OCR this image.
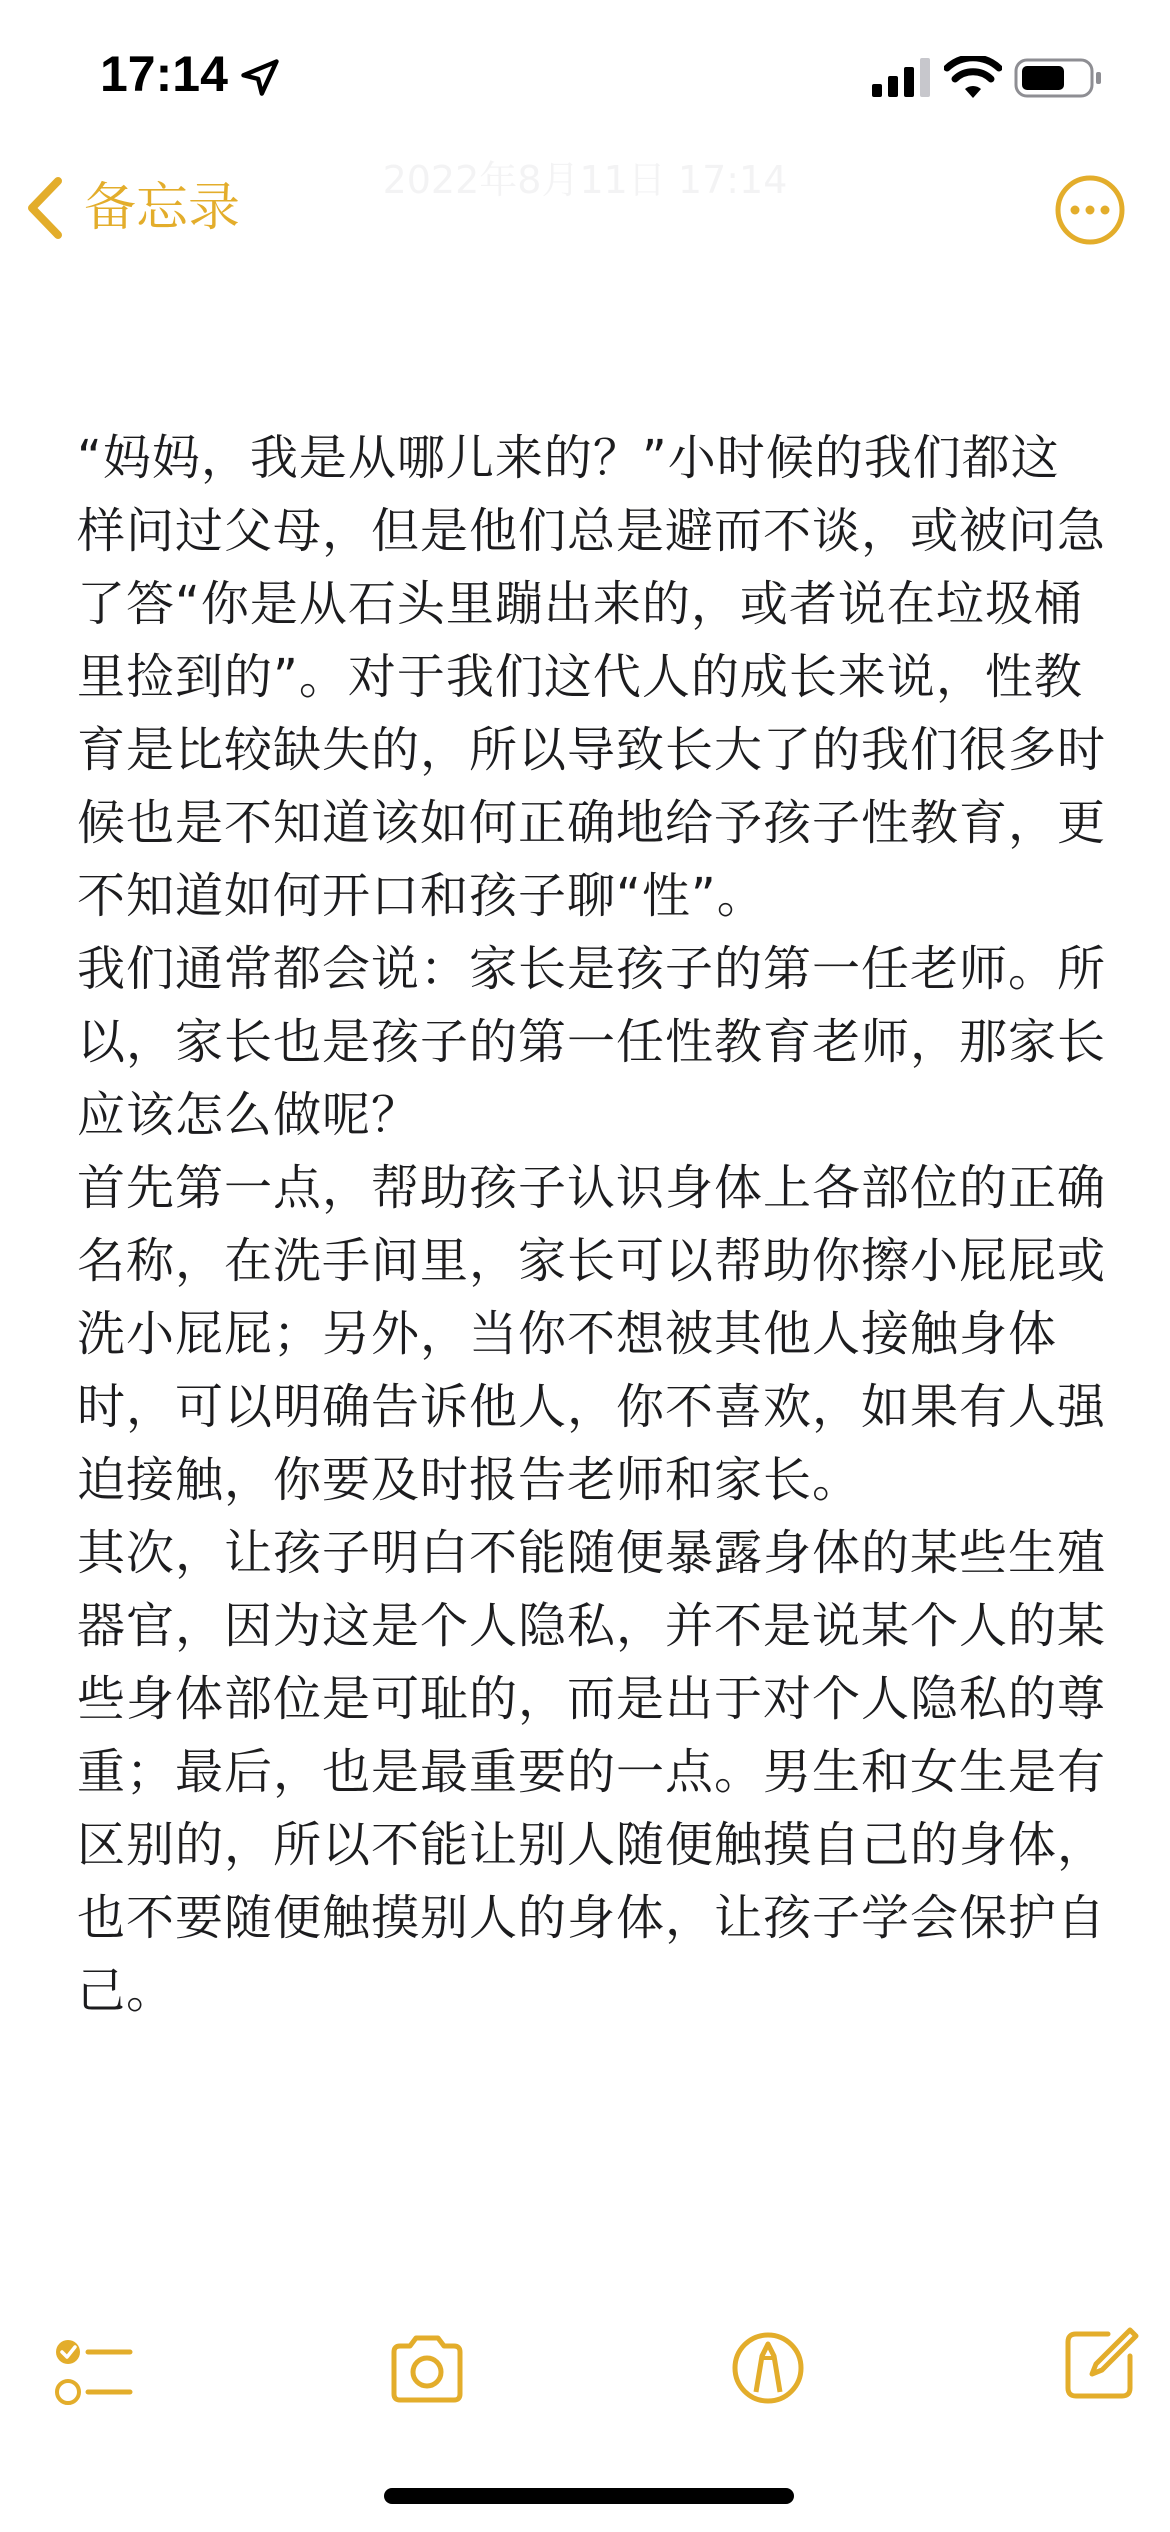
17:14
2022年8月11日 17:14
备忘录

“妈妈，我是从哪儿来的？”小时候的我们都这样问过父母，但是他们总是避而不谈，或被问急了答“你是从石头里蹦出来的，或者说在垃圾桶里捡到的”。对于我们这代人的成长来说，性教育是比较缺失的，所以导致长大了的我们很多时候也是不知道该如何正确地给予孩子性教育，更不知道如何开口和孩子聊“性”。

我们通常都会说：家长是孩子的第一任老师。所以，家长也是孩子的第一任性教育老师，那家长应该怎么做呢？

首先第一点，帮助孩子认识身体上各部位的正确名称，在洗手间里，家长可以帮助你擦小屁屁或洗小屁屁；另外，当你不想被其他人接触身体时，可以明确告诉他人，你不喜欢，如果有人强迫接触，你要及时报告老师和家长。

其次，让孩子明白不能随便暴露身体的某些生殖器官，因为这是个人隐私，并不是说某个人的某些身体部位是可耻的，而是出于对个人隐私的尊重；最后，也是最重要的一点。男生和女生是有区别的，所以不能让别人随便触摸自己的身体，也不要随便触摸别人的身体，让孩子学会保护自己。
